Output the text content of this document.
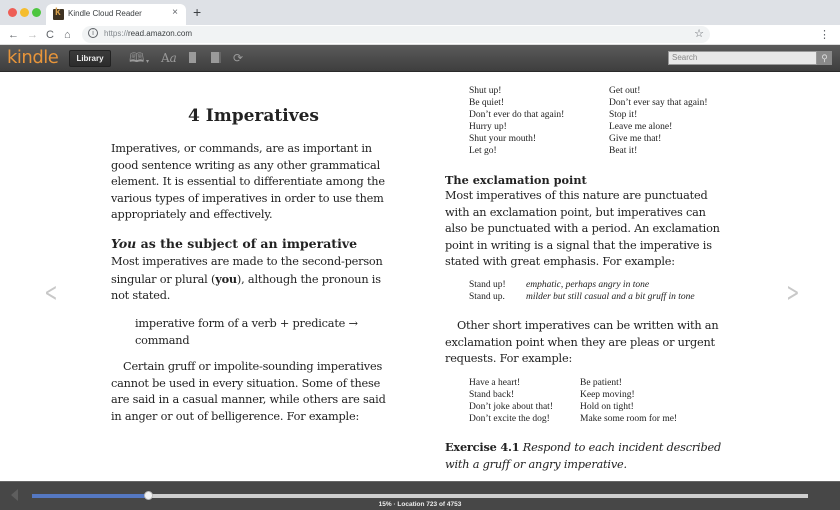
k
Kindle Cloud Reader	× +
← → C ⌂	i	https://read.amazon.com	☆	⋮
kindle	Library	🕮 ▾ Aa	⟳	Search	⚲
<	>
4 Imperatives
Imperatives, or commands, are as important in good sentence writing as any other grammatical element. It is essential to differentiate among the various types of imperatives in order to use them appropriately and effectively.
You as the subject of an imperative
Most imperatives are made to the second-person singular or plural (you), although the pronoun is not stated.
imperative form of a verb + predicate → command
Certain gruff or impolite-sounding imperatives cannot be used in every situation. Some of these are said in a casual manner, while others are said in anger or out of belligerence. For example:
Shut up!	Get out!
Be quiet!	Don’t ever say that again!
Don’t ever do that again!	Stop it!
Hurry up!	Leave me alone!
Shut your mouth!	Give me that!
Let go!	Beat it!
The exclamation point
Most imperatives of this nature are punctuated with an exclamation point, but imperatives can also be punctuated with a period. An exclamation point in writing is a signal that the imperative is stated with great emphasis. For example:
Stand up! emphatic, perhaps angry in tone
Stand up. milder but still casual and a bit gruff in tone
Other short imperatives can be written with an exclamation point when they are pleas or urgent requests. For example:
Have a heart!	Be patient!
Stand back!	Keep moving!
Don’t joke about that!	Hold on tight!
Don’t excite the dog!	Make some room for me!
Exercise 4.1 Respond to each incident described with a gruff or angry imperative.
15% · Location 723 of 4753
